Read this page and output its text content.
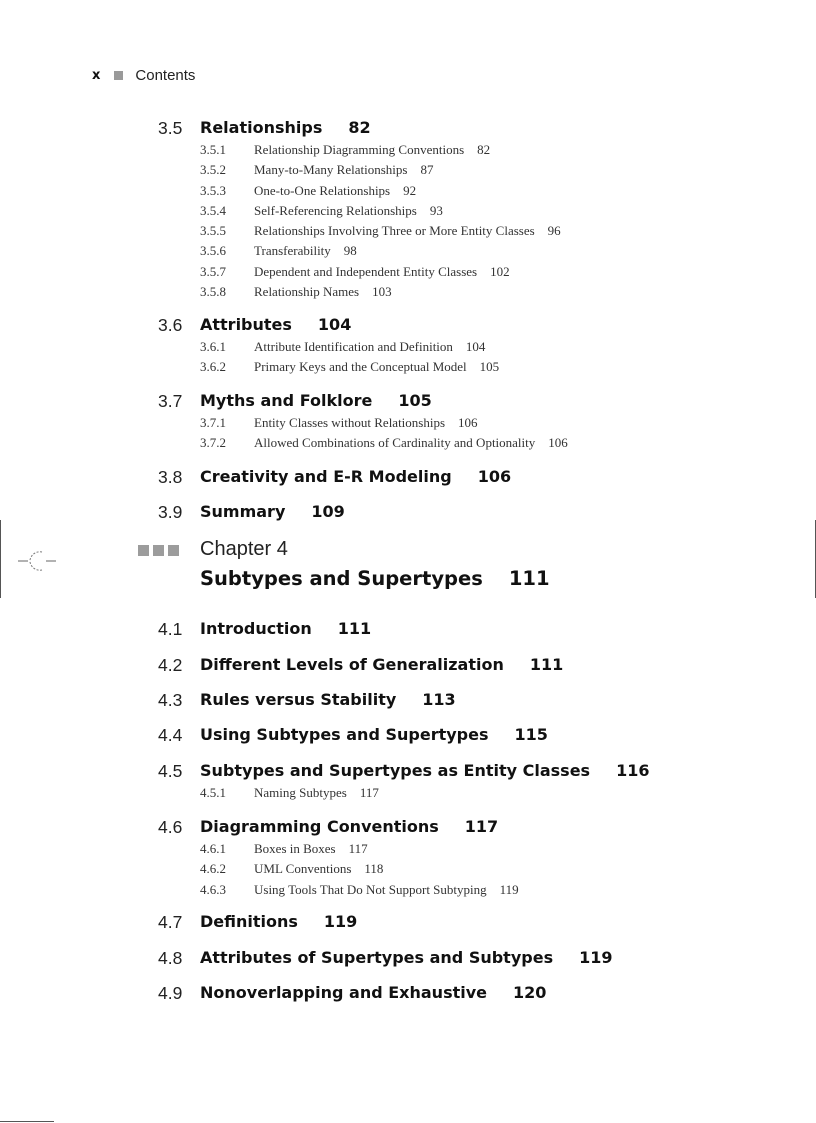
x Contents
3.5 Relationships 82
3.5.1 Relationship Diagramming Conventions  82
3.5.2 Many-to-Many Relationships  87
3.5.3 One-to-One Relationships  92
3.5.4 Self-Referencing Relationships  93
3.5.5 Relationships Involving Three or More Entity Classes  96
3.5.6 Transferability  98
3.5.7 Dependent and Independent Entity Classes  102
3.5.8 Relationship Names  103
3.6 Attributes 104
3.6.1 Attribute Identification and Definition  104
3.6.2 Primary Keys and the Conceptual Model  105
3.7 Myths and Folklore 105
3.7.1 Entity Classes without Relationships  106
3.7.2 Allowed Combinations of Cardinality and Optionality  106
3.8 Creativity and E-R Modeling 106
3.9 Summary 109
Chapter 4
Subtypes and Supertypes 111
4.1 Introduction 111
4.2 Different Levels of Generalization 111
4.3 Rules versus Stability 113
4.4 Using Subtypes and Supertypes 115
4.5 Subtypes and Supertypes as Entity Classes 116
4.5.1 Naming Subtypes  117
4.6 Diagramming Conventions 117
4.6.1 Boxes in Boxes  117
4.6.2 UML Conventions  118
4.6.3 Using Tools That Do Not Support Subtyping  119
4.7 Definitions 119
4.8 Attributes of Supertypes and Subtypes 119
4.9 Nonoverlapping and Exhaustive 120
